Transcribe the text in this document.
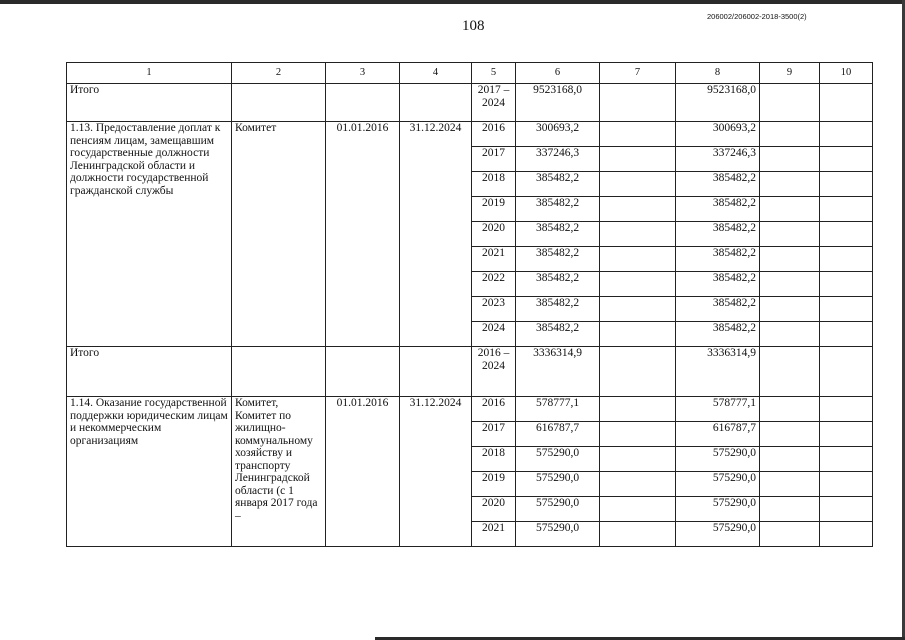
108
206002/206002-2018-3500(2)
1	2	3	4	5	6	7	8	9	10
Итого				2017 – 2024	9523168,0		9523168,0		
1.13. Предоставление доплат к пенсиям лицам, замещавшим государственные должности Ленинградской области и должности государственной гражданской службы	Комитет	01.01.2016	31.12.2024	2016	300693,2		300693,2		
				2017	337246,3		337246,3		
				2018	385482,2		385482,2		
				2019	385482,2		385482,2		
				2020	385482,2		385482,2		
				2021	385482,2		385482,2		
				2022	385482,2		385482,2		
				2023	385482,2		385482,2		
				2024	385482,2		385482,2		
Итого				2016 – 2024	3336314,9		3336314,9		
1.14. Оказание государственной поддержки юридическим лицам и некоммерческим организациям	Комитет, Комитет по жилищно-коммунальному хозяйству и транспорту Ленинградской области (с 1 января 2017 года –	01.01.2016	31.12.2024	2016	578777,1		578777,1		
				2017	616787,7		616787,7		
				2018	575290,0		575290,0		
				2019	575290,0		575290,0		
				2020	575290,0		575290,0		
				2021	575290,0		575290,0		
